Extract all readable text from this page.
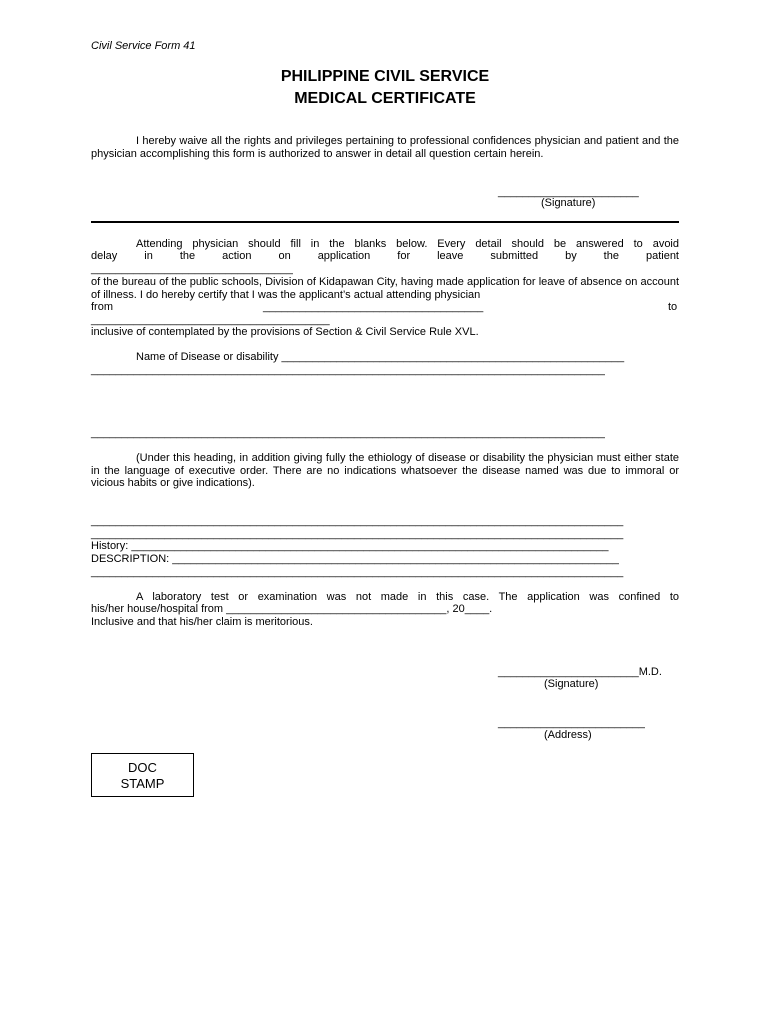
Civil Service Form 41
PHILIPPINE CIVIL SERVICE
MEDICAL CERTIFICATE
I hereby waive all the rights and privileges pertaining to professional confidences physician and patient and the physician accomplishing this form is authorized to answer in detail all question certain herein.
_______________________
(Signature)
Attending physician should fill in the blanks below. Every detail should be answered to avoid
delay in the action on application for leave submitted by the patient
_________________________________
of the bureau of the public schools, Division of Kidapawan City, having made application for leave of absence on account of illness. I do hereby certify that I was the applicant’s actual attending physician
from	____________________________________	to
_______________________________________
inclusive of contemplated by the provisions of Section & Civil Service Rule XVL.
Name of Disease or disability ________________________________________________________
____________________________________________________________________________________
____________________________________________________________________________________
(Under this heading, in addition giving fully the ethiology of disease or disability the physician must either state in the language of executive order. There are no indications whatsoever the disease named was due to immoral or vicious habits or give indications).
_______________________________________________________________________________________
_______________________________________________________________________________________
History: ______________________________________________________________________________
DESCRIPTION: _________________________________________________________________________
_______________________________________________________________________________________
A laboratory test or examination was not made in this case. The application was confined to
his/her house/hospital from ____________________________________, 20____.
Inclusive and that his/her claim is meritorious.
_______________________M.D.
(Signature)
________________________
(Address)
DOC
STAMP
